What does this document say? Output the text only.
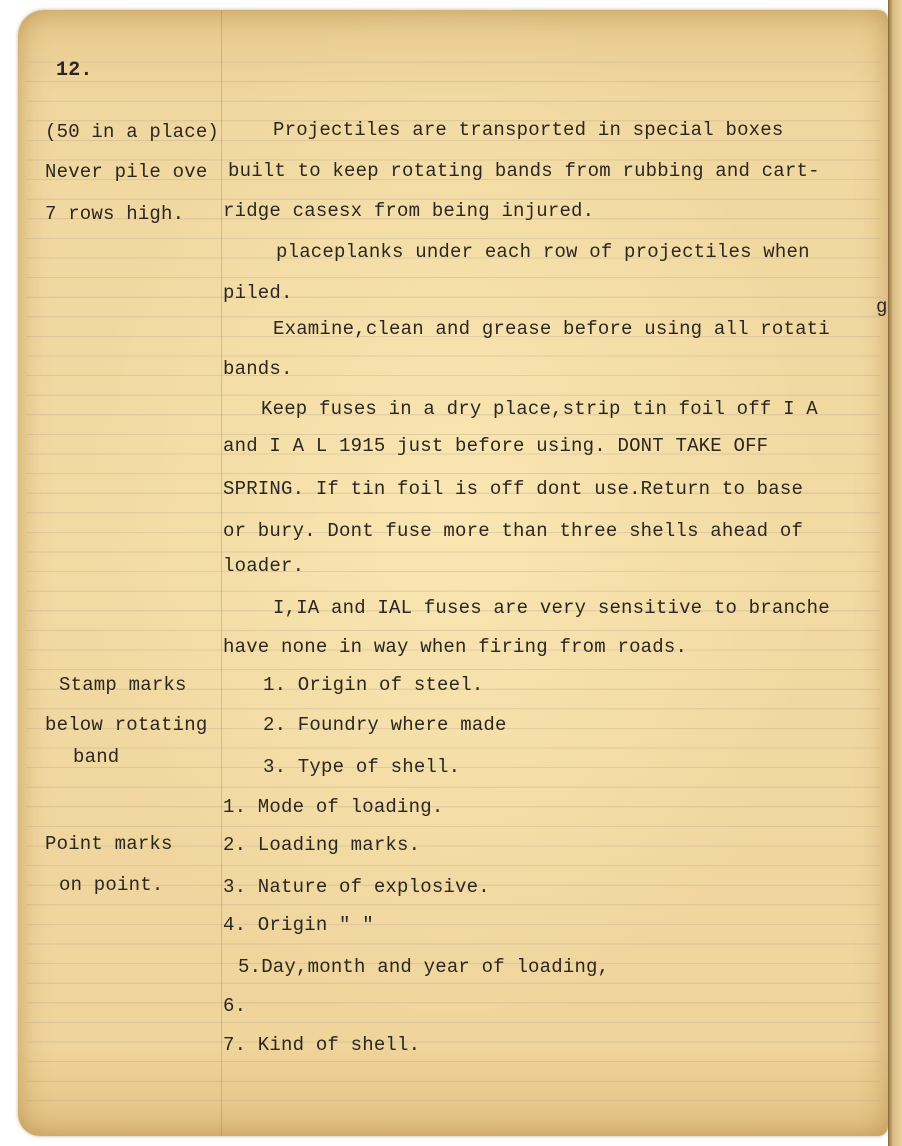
12.
(50 in a place)
Never pile ove
7 rows high.
Projectiles are transported in special boxes
built to keep rotating bands from rubbing and cart-
ridge casesx from being injured.
placeplanks under each row of projectiles when
piled.
Examine,clean and grease before using all rotati
bands.
g
Keep fuses in a dry place,strip tin foil off I A
and I A L 1915 just before using. DONT TAKE OFF
SPRING. If tin foil is off dont use.Return to base
or bury. Dont fuse more than three shells ahead of
loader.
I,IA and IAL fuses are very sensitive to branche
have none in way when firing from roads.
Stamp marks
below rotating
band
1. Origin of steel.
2. Foundry where made
3. Type of shell.
Point marks
on point.
1. Mode of loading.
2. Loading marks.
3. Nature of explosive.
4. Origin " "
5.Day,month and year of loading,
6.
7. Kind of shell.
